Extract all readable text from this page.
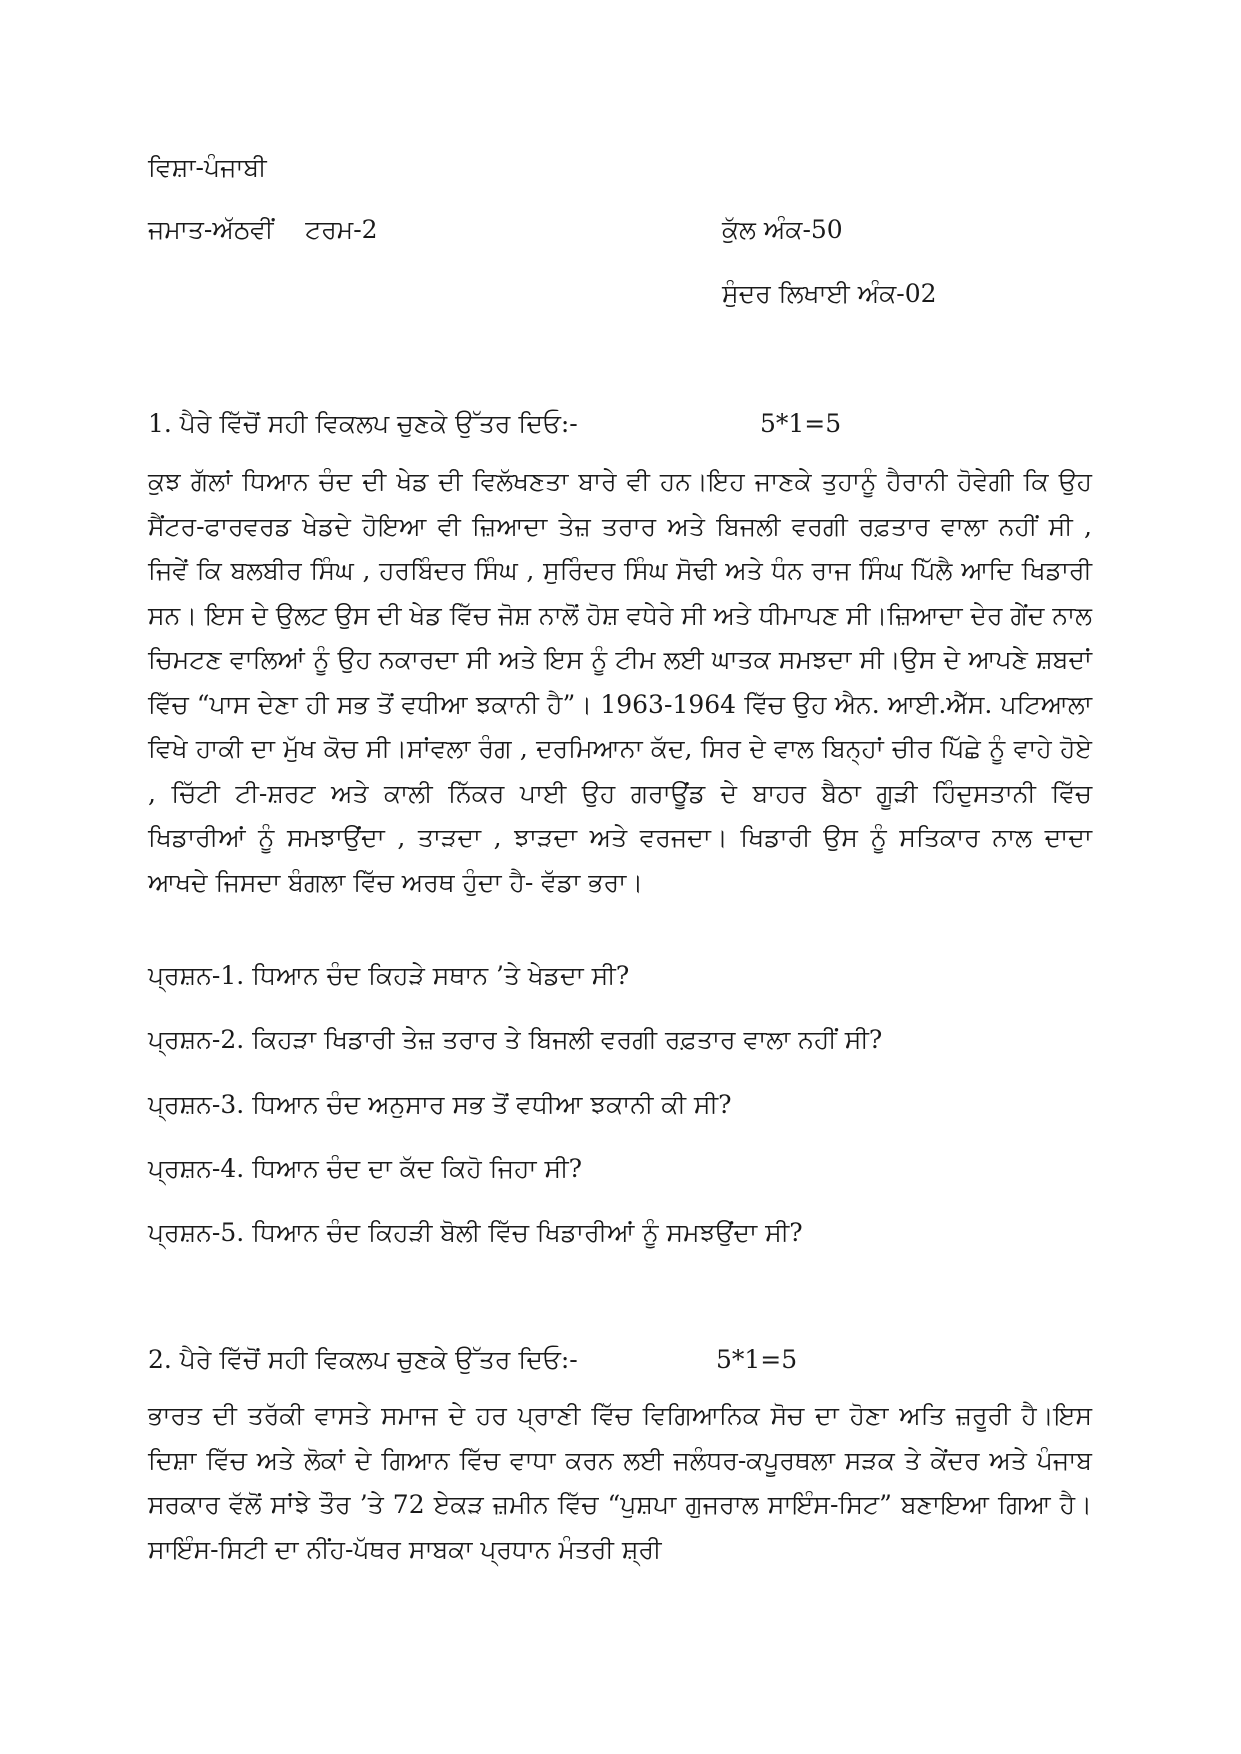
ਵਿਸ਼ਾ-ਪੰਜਾਬੀ
ਜਮਾਤ-ਅੱਠਵੀਂ    ਟਰਮ-2	ਕੁੱਲ ਅੰਕ-50
ਸੁੰਦਰ ਲਿਖਾਈ ਅੰਕ-02
1. ਪੈਰੇ ਵਿੱਚੋਂ ਸਹੀ ਵਿਕਲਪ ਚੁਣਕੇ ਉੱਤਰ ਦਿਓ:-	5*1=5

ਕੁਝ ਗੱਲਾਂ ਧਿਆਨ ਚੰਦ ਦੀ ਖੇਡ ਦੀ ਵਿਲੱਖਣਤਾ ਬਾਰੇ ਵੀ ਹਨ।ਇਹ ਜਾਣਕੇ ਤੁਹਾਨੂੰ ਹੈਰਾਨੀ ਹੋਵੇਗੀ ਕਿ ਉਹ ਸੈਂਟਰ-ਫਾਰਵਰਡ ਖੇਡਦੇ ਹੋਇਆ ਵੀ ਜ਼ਿਆਦਾ ਤੇਜ਼ ਤਰਾਰ ਅਤੇ ਬਿਜਲੀ ਵਰਗੀ ਰਫ਼ਤਾਰ ਵਾਲਾ ਨਹੀਂ ਸੀ , ਜਿਵੇਂ ਕਿ ਬਲਬੀਰ ਸਿੰਘ , ਹਰਬਿੰਦਰ ਸਿੰਘ , ਸੁਰਿੰਦਰ ਸਿੰਘ ਸੋਢੀ ਅਤੇ ਧੰਨ ਰਾਜ ਸਿੰਘ ਪਿੱਲੈ ਆਦਿ ਖਿਡਾਰੀ ਸਨ। ਇਸ ਦੇ ਉਲਟ ਉਸ ਦੀ ਖੇਡ ਵਿੱਚ ਜੋਸ਼ ਨਾਲੋਂ ਹੋਸ਼ ਵਧੇਰੇ ਸੀ ਅਤੇ ਧੀਮਾਪਣ ਸੀ।ਜ਼ਿਆਦਾ ਦੇਰ ਗੇਂਦ ਨਾਲ ਚਿਮਟਣ ਵਾਲਿਆਂ ਨੂੰ ਉਹ ਨਕਾਰਦਾ ਸੀ ਅਤੇ ਇਸ ਨੂੰ ਟੀਮ ਲਈ ਘਾਤਕ ਸਮਝਦਾ ਸੀ।ਉਸ ਦੇ ਆਪਣੇ ਸ਼ਬਦਾਂ ਵਿੱਚ “ਪਾਸ ਦੇਣਾ ਹੀ ਸਭ ਤੋਂ ਵਧੀਆ ਝਕਾਨੀ ਹੈ”। 1963-1964 ਵਿੱਚ ਉਹ ਐਨ. ਆਈ.ਐੱਸ. ਪਟਿਆਲਾ ਵਿਖੇ ਹਾਕੀ ਦਾ ਮੁੱਖ ਕੋਚ ਸੀ।ਸਾਂਵਲਾ ਰੰਗ , ਦਰਮਿਆਨਾ ਕੱਦ, ਸਿਰ ਦੇ ਵਾਲ ਬਿਨ੍ਹਾਂ ਚੀਰ ਪਿੱਛੇ ਨੂੰ ਵਾਹੇ ਹੋਏ , ਚਿੱਟੀ ਟੀ-ਸ਼ਰਟ ਅਤੇ ਕਾਲੀ ਨਿੱਕਰ ਪਾਈ ਉਹ ਗਰਾਊਂਡ ਦੇ ਬਾਹਰ ਬੈਠਾ ਗੂੜੀ ਹਿੰਦੁਸਤਾਨੀ ਵਿੱਚ ਖਿਡਾਰੀਆਂ ਨੂੰ ਸਮਝਾਉਂਦਾ , ਤਾੜਦਾ , ਝਾੜਦਾ ਅਤੇ ਵਰਜਦਾ। ਖਿਡਾਰੀ ਉਸ ਨੂੰ ਸਤਿਕਾਰ ਨਾਲ ਦਾਦਾ ਆਖਦੇ ਜਿਸਦਾ ਬੰਗਲਾ ਵਿੱਚ ਅਰਥ ਹੁੰਦਾ ਹੈ- ਵੱਡਾ ਭਰਾ।

ਪ੍ਰਸ਼ਨ-1. ਧਿਆਨ ਚੰਦ ਕਿਹੜੇ ਸਥਾਨ ’ਤੇ ਖੇਡਦਾ ਸੀ?
ਪ੍ਰਸ਼ਨ-2. ਕਿਹੜਾ ਖਿਡਾਰੀ ਤੇਜ਼ ਤਰਾਰ ਤੇ ਬਿਜਲੀ ਵਰਗੀ ਰਫ਼ਤਾਰ ਵਾਲਾ ਨਹੀਂ ਸੀ?
ਪ੍ਰਸ਼ਨ-3. ਧਿਆਨ ਚੰਦ ਅਨੁਸਾਰ ਸਭ ਤੋਂ ਵਧੀਆ ਝਕਾਨੀ ਕੀ ਸੀ?
ਪ੍ਰਸ਼ਨ-4. ਧਿਆਨ ਚੰਦ ਦਾ ਕੱਦ ਕਿਹੋ ਜਿਹਾ ਸੀ?
ਪ੍ਰਸ਼ਨ-5. ਧਿਆਨ ਚੰਦ ਕਿਹੜੀ ਬੋਲੀ ਵਿੱਚ ਖਿਡਾਰੀਆਂ ਨੂੰ ਸਮਝਉਂਦਾ ਸੀ?
2. ਪੈਰੇ ਵਿੱਚੋਂ ਸਹੀ ਵਿਕਲਪ ਚੁਣਕੇ ਉੱਤਰ ਦਿਓ:-	5*1=5

ਭਾਰਤ ਦੀ ਤਰੱਕੀ ਵਾਸਤੇ ਸਮਾਜ ਦੇ ਹਰ ਪ੍ਰਾਣੀ ਵਿੱਚ ਵਿਗਿਆਨਿਕ ਸੋਚ ਦਾ ਹੋਣਾ ਅਤਿ ਜ਼ਰੂਰੀ ਹੈ।ਇਸ ਦਿਸ਼ਾ ਵਿੱਚ ਅਤੇ ਲੋਕਾਂ ਦੇ ਗਿਆਨ ਵਿੱਚ ਵਾਧਾ ਕਰਨ ਲਈ ਜਲੰਧਰ-ਕਪੂਰਥਲਾ ਸੜਕ ਤੇ ਕੇਂਦਰ ਅਤੇ ਪੰਜਾਬ ਸਰਕਾਰ ਵੱਲੋਂ ਸਾਂਝੇ ਤੌਰ ’ਤੇ 72 ਏਕੜ ਜ਼ਮੀਨ ਵਿੱਚ “ਪੁਸ਼ਪਾ ਗੁਜਰਾਲ ਸਾਇੰਸ-ਸਿਟ” ਬਣਾਇਆ ਗਿਆ ਹੈ।ਸਾਇੰਸ-ਸਿਟੀ ਦਾ ਨੀਂਹ-ਪੱਥਰ ਸਾਬਕਾ ਪ੍ਰਧਾਨ ਮੰਤਰੀ ਸ਼੍ਰੀ
